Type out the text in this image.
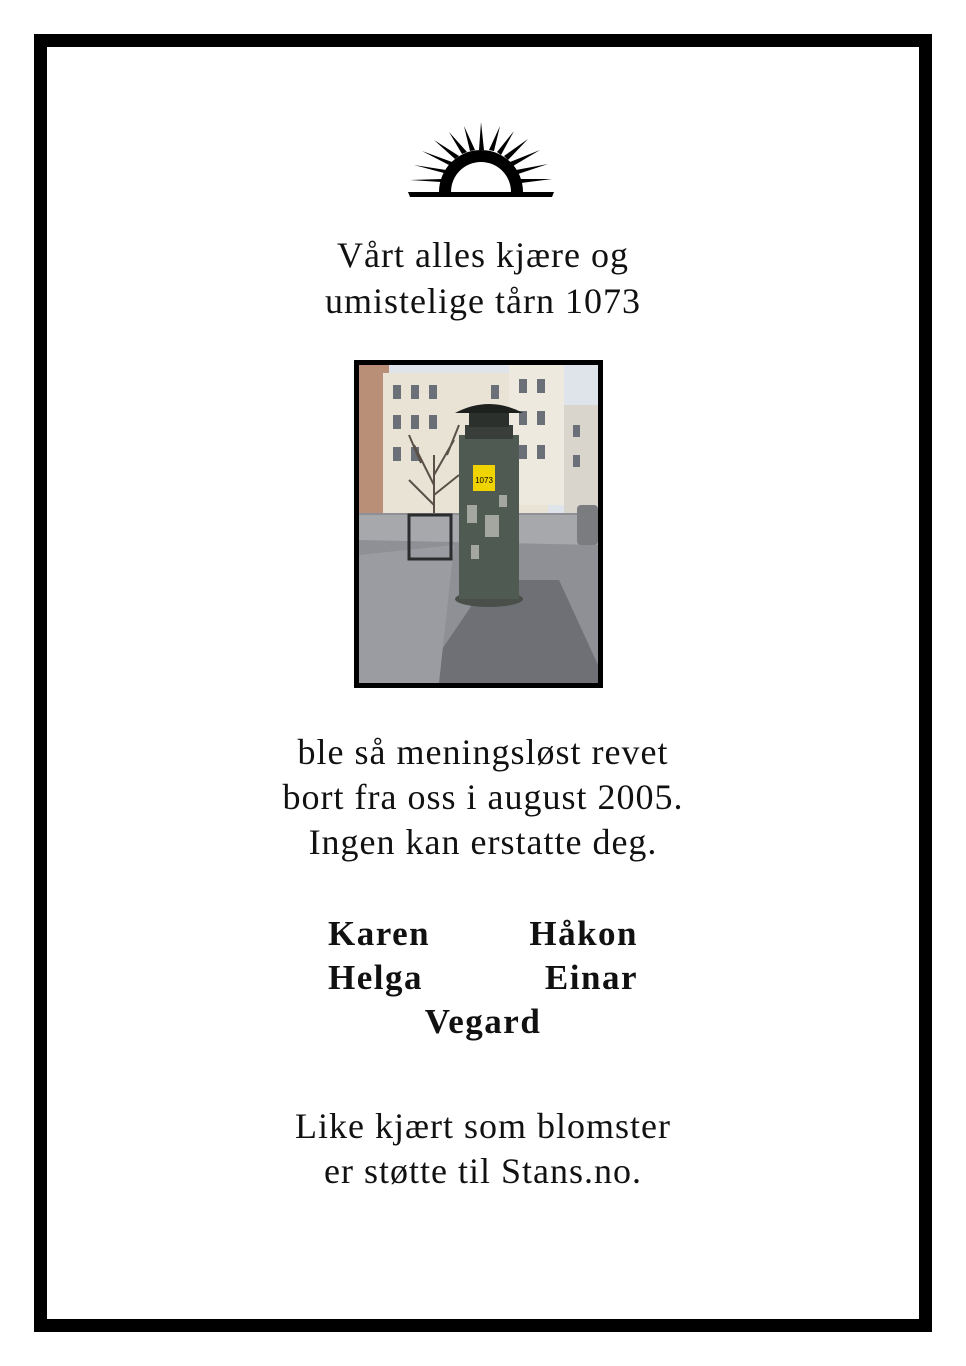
Vårt alles kjære og
umistelige tårn 1073

1073

ble så meningsløst revet
bort fra oss i august 2005.
Ingen kan erstatte deg.

Karen	Håkon
Helga	Einar
Vegard

Like kjært som blomster
er støtte til Stans.no.
